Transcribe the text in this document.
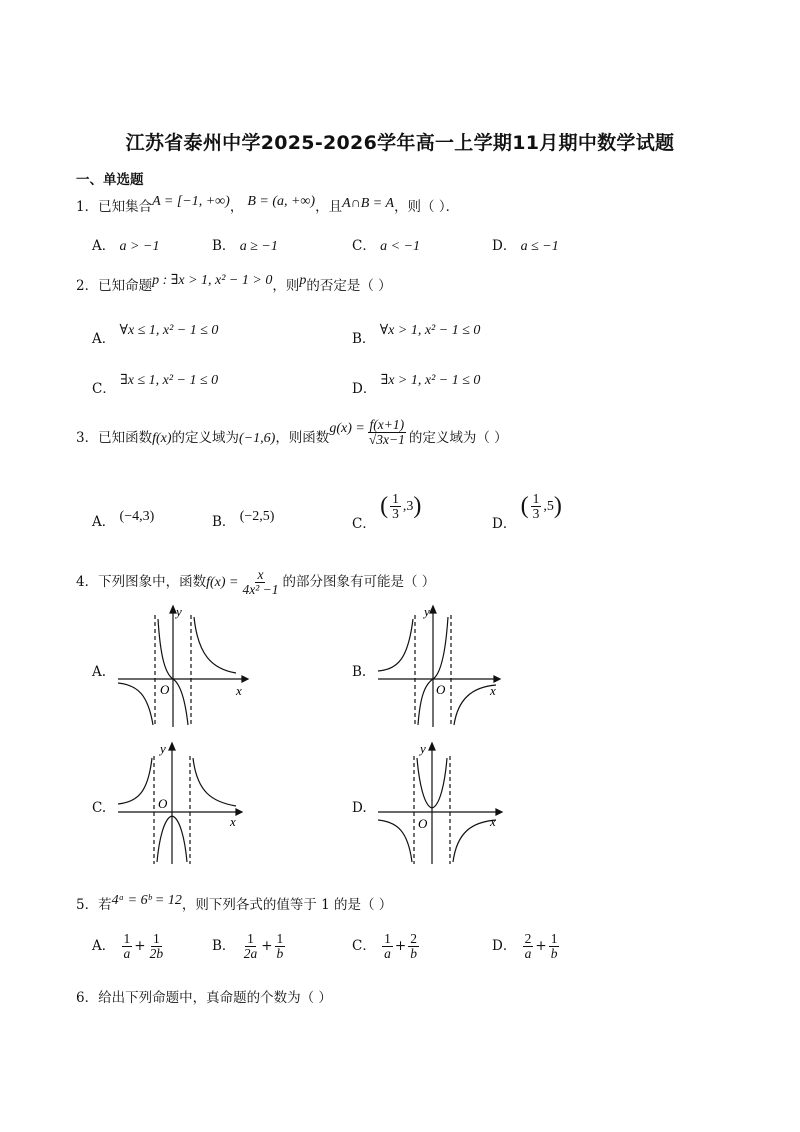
江苏省泰州中学2025-2026学年高一上学期11月期中数学试题
一、单选题
1．已知集合A = [−1, +∞)， B = (a, +∞)，且A∩B = A，则（ ）．
A． a > −1	B． a ≥ −1	C． a < −1	D． a ≤ −1
2．已知命题p : ∃x > 1, x² − 1 > 0，则p的否定是（ ）
A． ∀x ≤ 1, x² − 1 ≤ 0
B． ∀x > 1, x² − 1 ≤ 0
C． ∃x ≤ 1, x² − 1 ≤ 0
D． ∃x > 1, x² − 1 ≤ 0
3．已知函数f(x)的定义域为(−1,6)，则函数$g(x) = \frac{f(x+1)}{√3x-1}$ 的定义域为（ ）
A． (−4,3)	B． (−2,5)	C． ( $\frac{1}{3} ,3$)
D． ( $\frac{1}{3} ,5$)
4．下列图象中，函数$f(x) = \frac{x}{\text{4x² −1}}$ 的部分图象有可能是（ ）
A.	B.
C.	D.
O	x
y
O	x
y
O
x
y
O	x
y
5．若4ᵃ = 6ᵇ = 12，则下列各式的值等于 1 的是（ ）
A． $\frac{1}{a} + \frac{1}{2b}$	B． $\frac{1}{2a} + \frac{1}{b}$	C． $\frac{1}{a} + \frac{2}{b}$	D． $\frac{2}{a} + \frac{1}{b}$
6．给出下列命题中，真命题的个数为（ ）
